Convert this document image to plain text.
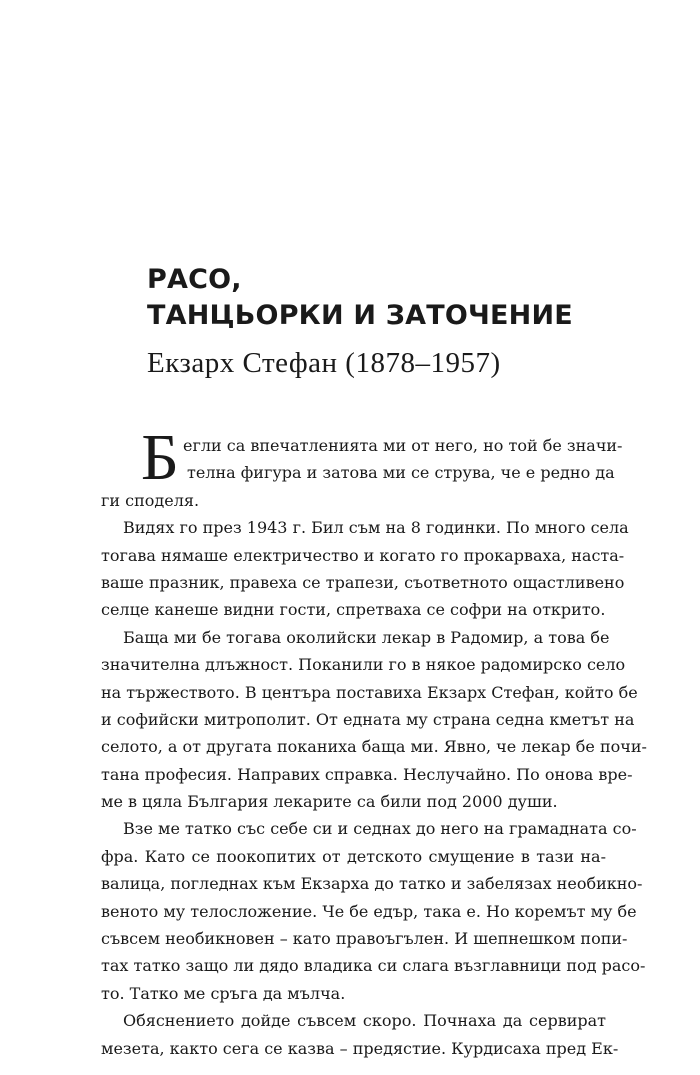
РАСО,

ТАНЦЬОРКИ И ЗАТОЧЕНИЕ

Екзарх Стефан (1878–1957)

Б егли са впечатленията ми от него, но той бе значи-

телна фигура и затова ми се струва, че е редно да

ги споделя.

Видях го през 1943 г. Бил съм на 8 годинки. По много села

тогава нямаше електричество и когато го прокарваха, наста-

ваше празник, правеха се трапези, съответното ощастливено

селце канеше видни гости, спретваха се софри на открито.

Баща ми бе тогава околийски лекар в Радомир, а това бе

значителна длъжност. Поканили го в някое радомирско село

на тържеството. В центъра поставиха Екзарх Стефан, който бе

и софийски митрополит. От едната му страна седна кметът на

селото, а от другата поканиха баща ми. Явно, че лекар бе почи-

тана професия. Направих справка. Неслучайно. По онова вре-

ме в цяла България лекарите са били под 2000 души.

Взе ме татко със себе си и седнах до него на грамадната со-

фра. Като се поокопитих от детското смущение в тази на-

валица, погледнах към Екзарха до татко и забелязах необикно-

веното му телосложение. Че бе едър, така е. Но коремът му бе

съвсем необикновен – като правоъгълен. И шепнешком попи-

тах татко защо ли дядо владика си слага възглавници под расо-

то. Татко ме сръга да мълча.

Обяснението дойде съвсем скоро. Почнаха да сервират

мезета, както сега се казва – предястие. Курдисаха пред Ек-
